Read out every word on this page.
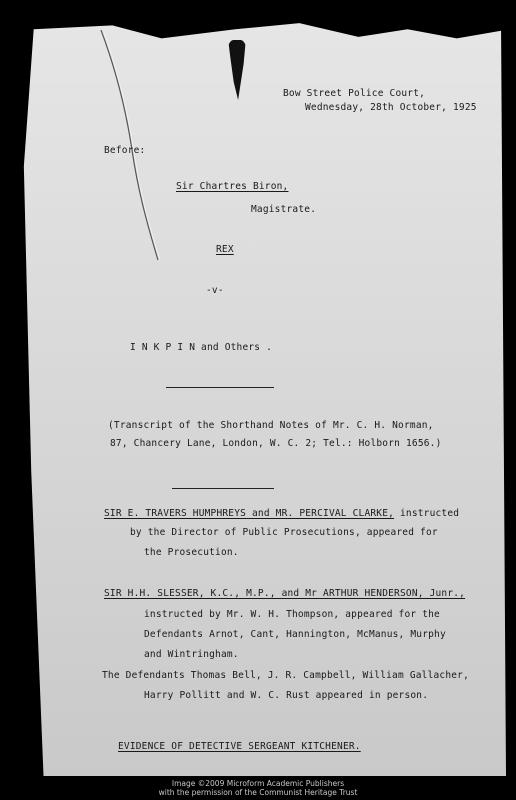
Bow Street Police Court,
Wednesday, 28th October, 1925
Before:
Sir Chartres Biron,
Magistrate.
REX
-v-
I N K P I N and Others .
(Transcript of the Shorthand Notes of Mr. C. H. Norman,
87, Chancery Lane, London, W. C. 2; Tel.: Holborn 1656.)
SIR E. TRAVERS HUMPHREYS and MR. PERCIVAL CLARKE, instructed
by the Director of Public Prosecutions, appeared for
the Prosecution.
SIR H.H. SLESSER, K.C., M.P., and Mr ARTHUR HENDERSON, Junr.,
instructed by Mr. W. H. Thompson, appeared for the
Defendants Arnot, Cant, Hannington, McManus, Murphy
and Wintringham.
The Defendants Thomas Bell, J. R. Campbell, William Gallacher,
Harry Pollitt and W. C. Rust appeared in person.
EVIDENCE OF DETECTIVE SERGEANT KITCHENER.
Image ©2009 Microform Academic Publishers
with the permission of the Communist Heritage Trust
